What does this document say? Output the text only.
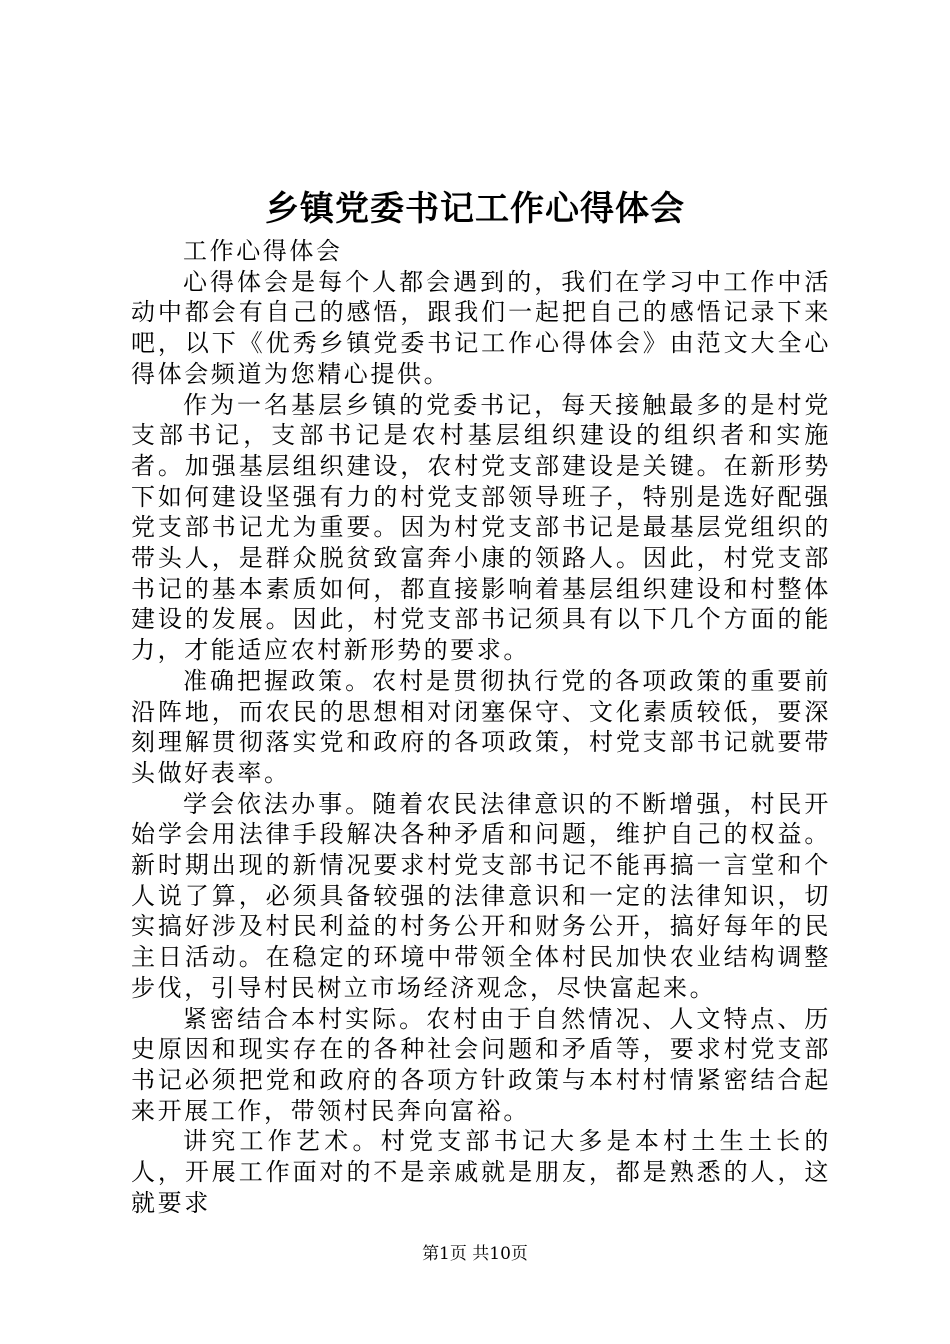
乡镇党委书记工作心得体会

工作心得体会

心得体会是每个人都会遇到的，我们在学习中工作中活动中都会有自己的感悟，跟我们一起把自己的感悟记录下来吧，以下《优秀乡镇党委书记工作心得体会》由范文大全心得体会频道为您精心提供。

作为一名基层乡镇的党委书记，每天接触最多的是村党支部书记，支部书记是农村基层组织建设的组织者和实施者。加强基层组织建设，农村党支部建设是关键。在新形势下如何建设坚强有力的村党支部领导班子，特别是选好配强党支部书记尤为重要。因为村党支部书记是最基层党组织的带头人，是群众脱贫致富奔小康的领路人。因此，村党支部书记的基本素质如何，都直接影响着基层组织建设和村整体建设的发展。因此，村党支部书记须具有以下几个方面的能力，才能适应农村新形势的要求。

准确把握政策。农村是贯彻执行党的各项政策的重要前沿阵地，而农民的思想相对闭塞保守、文化素质较低，要深刻理解贯彻落实党和政府的各项政策，村党支部书记就要带头做好表率。

学会依法办事。随着农民法律意识的不断增强，村民开始学会用法律手段解决各种矛盾和问题，维护自己的权益。新时期出现的新情况要求村党支部书记不能再搞一言堂和个人说了算，必须具备较强的法律意识和一定的法律知识，切实搞好涉及村民利益的村务公开和财务公开，搞好每年的民主日活动。在稳定的环境中带领全体村民加快农业结构调整步伐，引导村民树立市场经济观念，尽快富起来。

紧密结合本村实际。农村由于自然情况、人文特点、历史原因和现实存在的各种社会问题和矛盾等，要求村党支部书记必须把党和政府的各项方针政策与本村村情紧密结合起来开展工作，带领村民奔向富裕。

讲究工作艺术。村党支部书记大多是本村土生土长的人，开展工作面对的不是亲戚就是朋友，都是熟悉的人，这就要求

第1页 共10页
